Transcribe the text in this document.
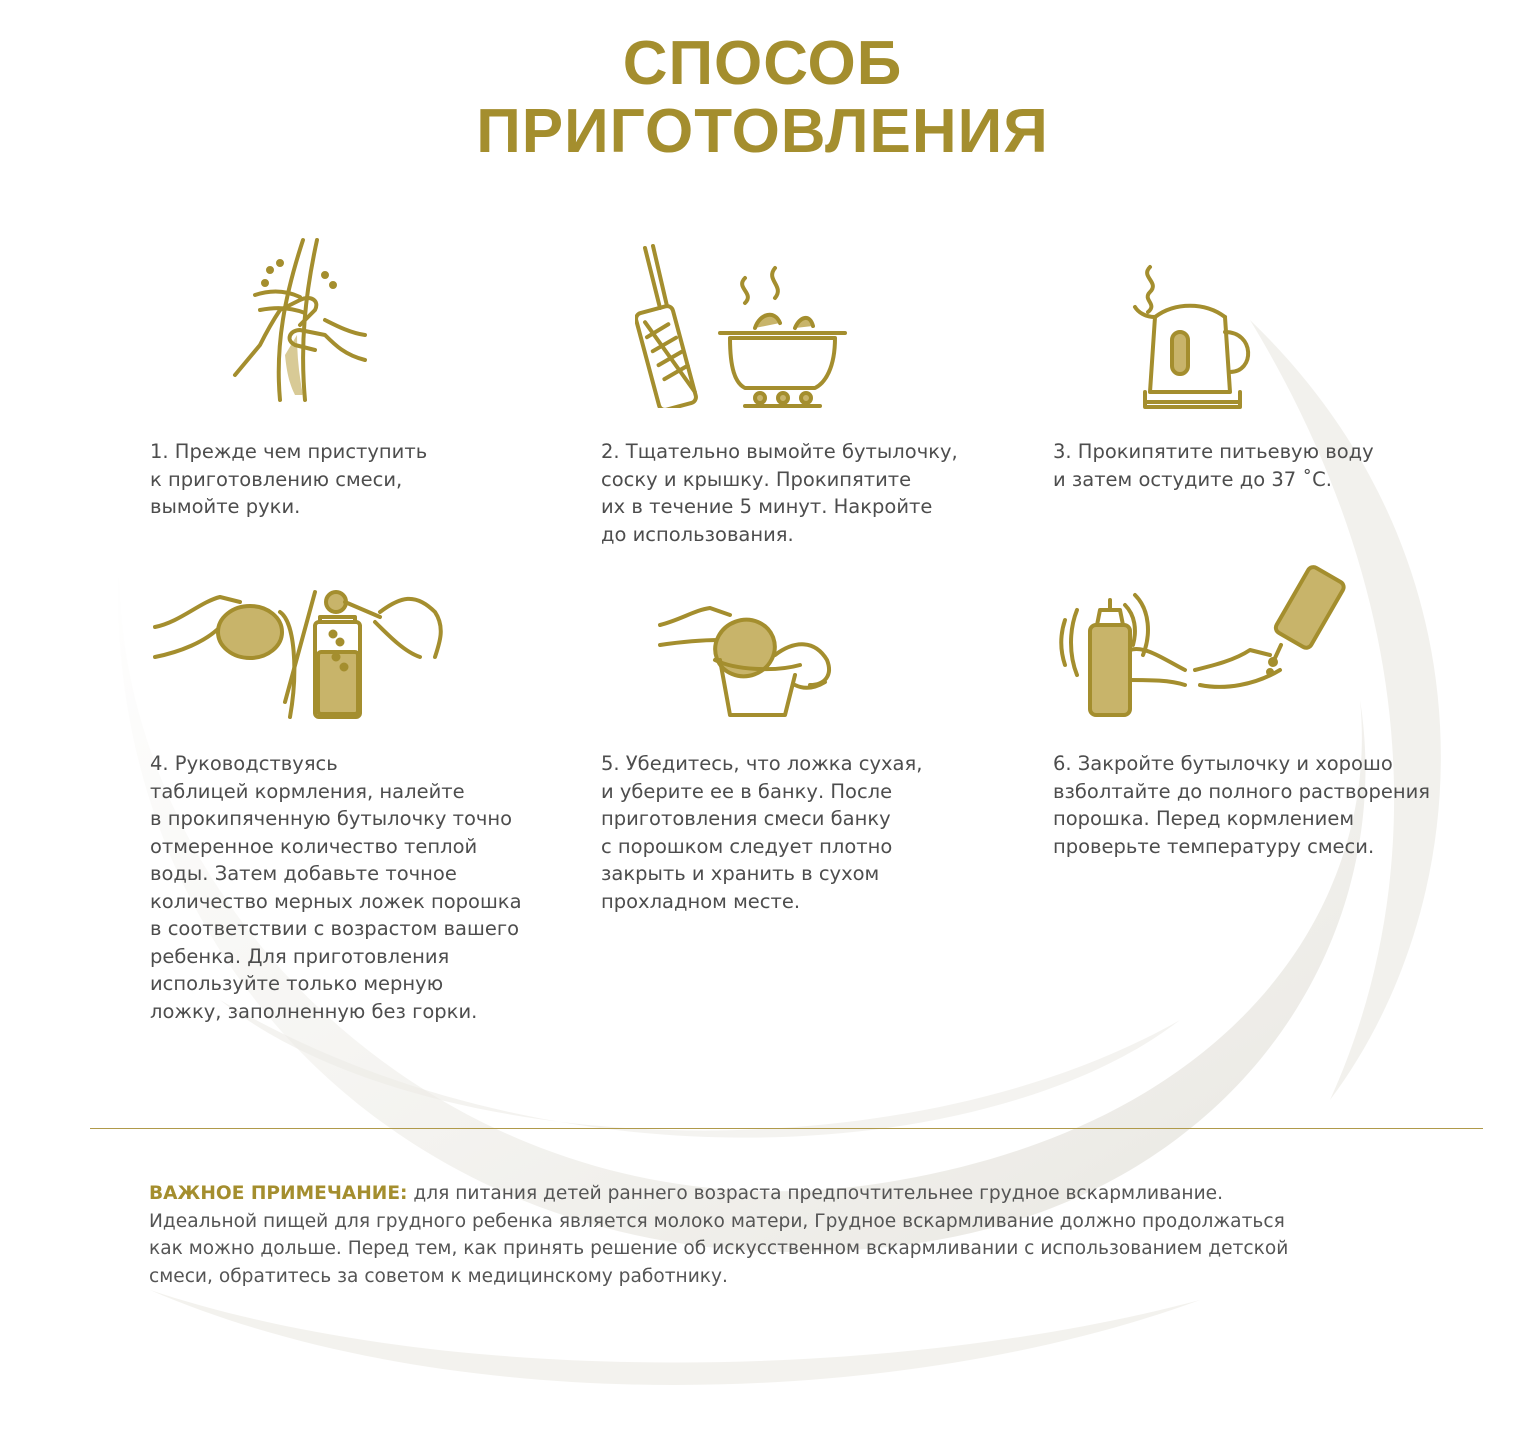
СПОСОБ
ПРИГОТОВЛЕНИЯ

1. Прежде чем приступить
к приготовлению смеси,
вымойте руки.

2. Тщательно вымойте бутылочку,
соску и крышку. Прокипятите
их в течение 5 минут. Накройте
до использования.

3. Прокипятите питьевую воду
и затем остудите до 37 ˚С.

4. Руководствуясь
таблицей кормления, налейте
в прокипяченную бутылочку точно
отмеренное количество теплой
воды. Затем добавьте точное
количество мерных ложек порошка
в соответствии с возрастом вашего
ребенка. Для приготовления
используйте только мерную
ложку, заполненную без горки.

5. Убедитесь, что ложка сухая,
и уберите ее в банку. После
приготовления смеси банку
с порошком следует плотно
закрыть и хранить в сухом
прохладном месте.

6. Закройте бутылочку и хорошо
взболтайте до полного растворения
порошка. Перед кормлением
проверьте температуру смеси.

ВАЖНОЕ ПРИМЕЧАНИЕ: для питания детей раннего возраста предпочтительнее грудное вскармливание.
Идеальной пищей для грудного ребенка является молоко матери, Грудное вскармливание должно продолжаться
как можно дольше. Перед тем, как принять решение об искусственном вскармливании с использованием детской
смеси, обратитесь за советом к медицинскому работнику.
